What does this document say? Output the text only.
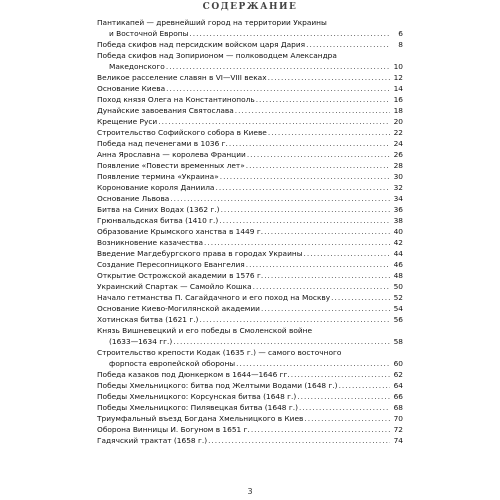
СОДЕРЖАНИЕ
Пантикапей — древнейший город на территории Украины
и Восточной Европы .....	6
Победа скифов над персидским войском царя Дария .....	8
Победа скифов над Зопирионом — полководцем Александра
Македонского .....	10
Великое расселение славян в VI—VIII веках .....	12
Основание Киева .....	14
Поход князя Олега на Константинополь .....	16
Дунайские завоевания Святослава .....	18
Крещение Руси .....	20
Строительство Софийского собора в Киеве .....	22
Победа над печенегами в 1036 г. .....	24
Анна Ярославна — королева Франции .....	26
Появление «Повести временных лет» .....	28
Появление термина «Украина» .....	30
Коронование короля Даниила .....	32
Основание Львова .....	34
Битва на Синих Водах (1362 г.) .....	36
Грюнвальдская битва (1410 г.) .....	38
Образование Крымского ханства в 1449 г. .....	40
Возникновение казачества .....	42
Введение Магдебургского права в городах Украины .....	44
Создание Пересопницкого Евангелия .....	46
Открытие Острожской академии в 1576 г. .....	48
Украинский Спартак — Самойло Кошка .....	50
Начало гетманства П. Сагайдачного и его поход на Москву .....	52
Основание Киево-Могилянской академии .....	54
Хотинская битва (1621 г.) .....	56
Князь Вишневецкий и его победы в Смоленской войне
(1633—1634 гг.) .....	58
Строительство крепости Кодак (1635 г.) — самого восточного
форпоста европейской обороны .....	60
Победа казаков под Дюнкерком в 1644—1646 гг. .....	62
Победы Хмельницкого: битва под Желтыми Водами (1648 г.) .....	64
Победы Хмельницкого: Корсунская битва (1648 г.) .....	66
Победы Хмельницкого: Пилявецкая битва (1648 г.) .....	68
Триумфальный въезд Богдана Хмельницкого в Киев .....	70
Оборона Винницы И. Богуном в 1651 г. .....	72
Гадячский трактат (1658 г.) .....	74
3
